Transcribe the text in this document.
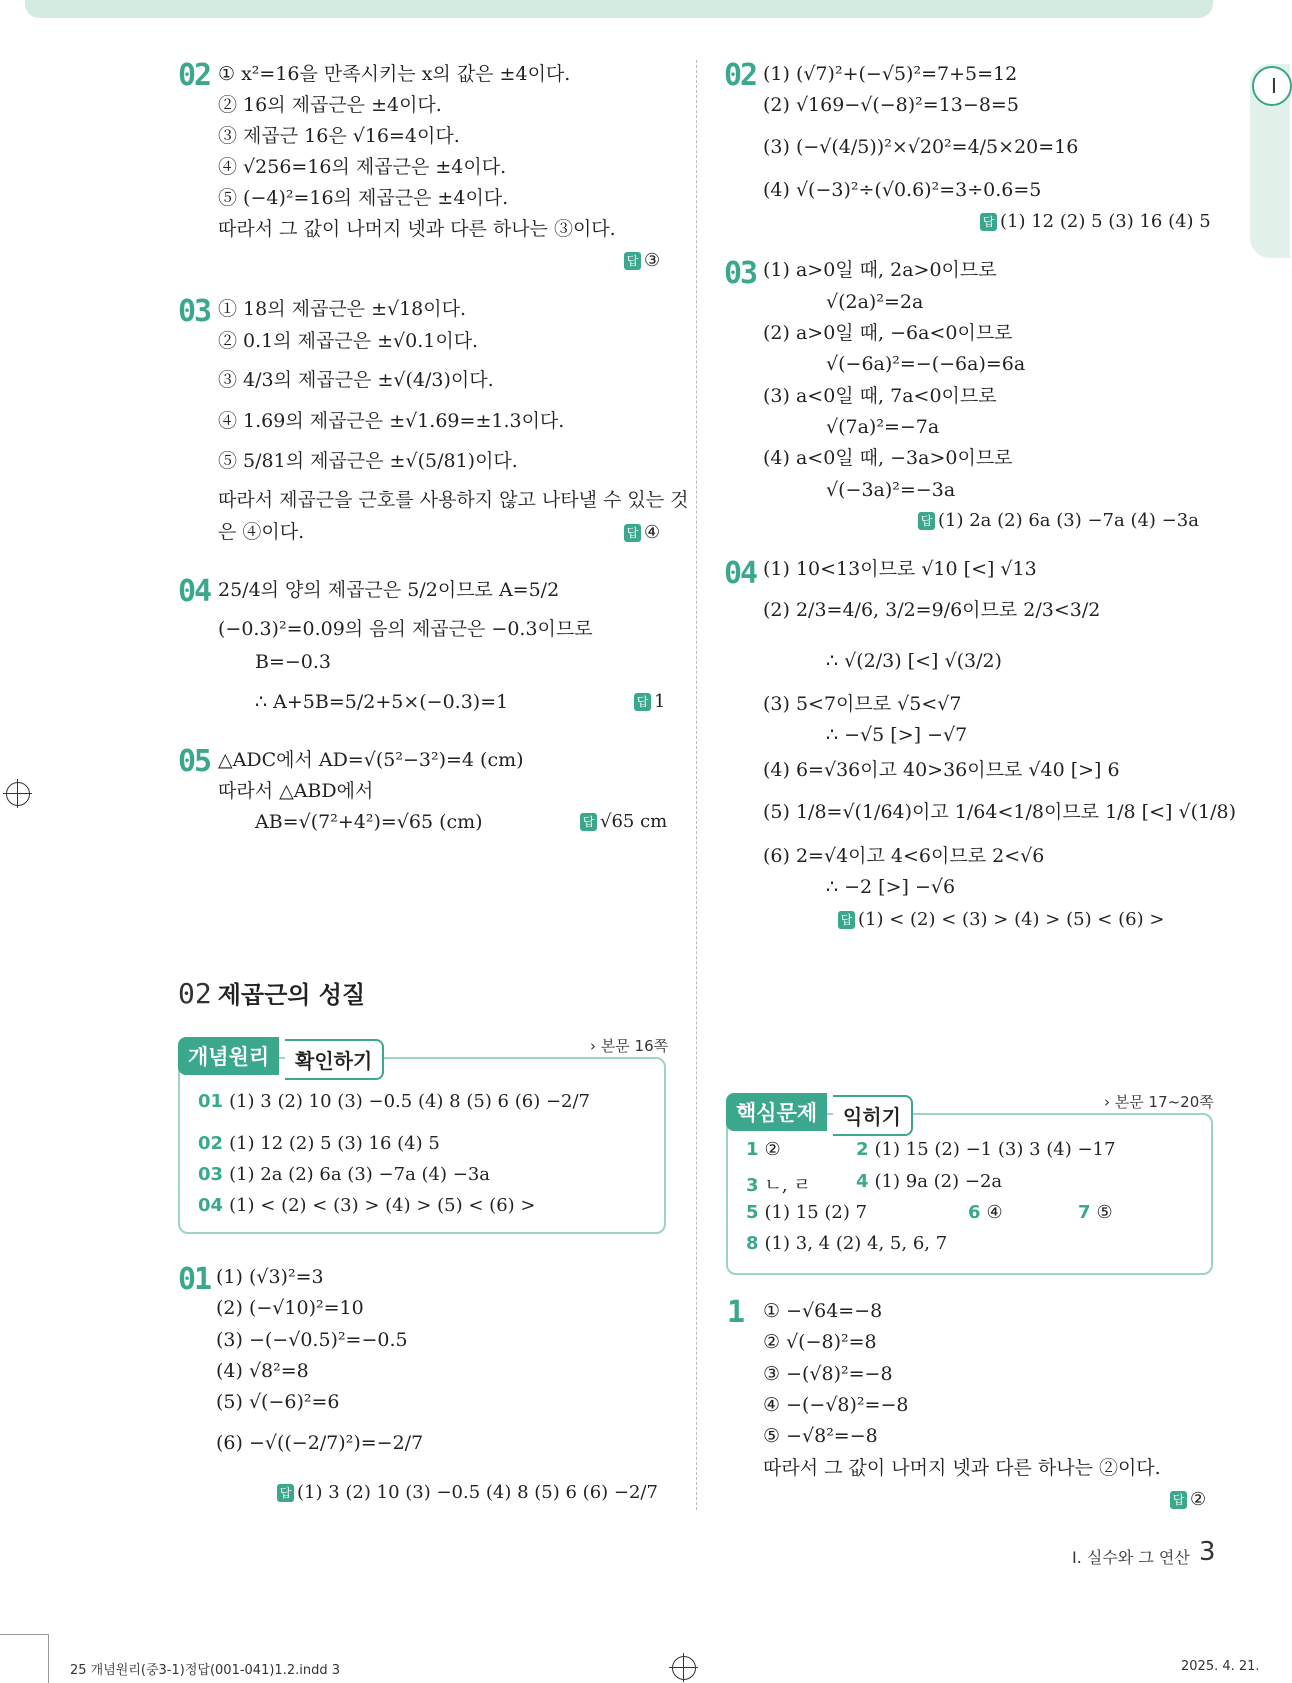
I
02 ① x²=16을 만족시키는 x의 값은 ±4이다.
② 16의 제곱근은 ±4이다.
③ 제곱근 16은 √16=4이다.
④ √256=16의 제곱근은 ±4이다.
⑤ (−4)²=16의 제곱근은 ±4이다.
따라서 그 값이 나머지 넷과 다른 하나는 ③이다.
답 ③
03 ① 18의 제곱근은 ±√18이다.
② 0.1의 제곱근은 ±√0.1이다.
③ 4/3의 제곱근은 ±√(4/3)이다.
④ 1.69의 제곱근은 ±√1.69=±1.3이다.
⑤ 5/81의 제곱근은 ±√(5/81)이다.
따라서 제곱근을 근호를 사용하지 않고 나타낼 수 있는 것
은 ④이다.	답 ④
04 25/4의 양의 제곱근은 5/2이므로 A=5/2
(−0.3)²=0.09의 음의 제곱근은 −0.3이므로
B=−0.3
∴ A+5B=5/2+5×(−0.3)=1	답 1
05 △ADC에서 AD=√(5²−3²)=4 (cm)
따라서 △ABD에서
AB=√(7²+4²)=√65 (cm)	답 √65 cm
02 제곱근의 성질
개념원리	확인하기
› 본문 16쪽
01 (1) 3 (2) 10 (3) −0.5 (4) 8 (5) 6 (6) −2/7
02 (1) 12 (2) 5 (3) 16 (4) 5
03 (1) 2a (2) 6a (3) −7a (4) −3a
04 (1) < (2) < (3) > (4) > (5) < (6) >
01 (1) (√3)²=3
(2) (−√10)²=10
(3) −(−√0.5)²=−0.5
(4) √8²=8
(5) √(−6)²=6
(6) −√((−2/7)²)=−2/7
답 (1) 3 (2) 10 (3) −0.5 (4) 8 (5) 6 (6) −2/7
02 (1) (√7)²+(−√5)²=7+5=12
(2) √169−√(−8)²=13−8=5
(3) (−√(4/5))²×√20²=4/5×20=16
(4) √(−3)²÷(√0.6)²=3÷0.6=5
답 (1) 12 (2) 5 (3) 16 (4) 5
03 (1) a>0일 때, 2a>0이므로
√(2a)²=2a
(2) a>0일 때, −6a<0이므로
√(−6a)²=−(−6a)=6a
(3) a<0일 때, 7a<0이므로
√(7a)²=−7a
(4) a<0일 때, −3a>0이므로
√(−3a)²=−3a
답 (1) 2a (2) 6a (3) −7a (4) −3a
04 (1) 10<13이므로 √10 [<] √13
(2) 2/3=4/6, 3/2=9/6이므로 2/3<3/2
∴ √(2/3) [<] √(3/2)
(3) 5<7이므로 √5<√7
∴ −√5 [>] −√7
(4) 6=√36이고 40>36이므로 √40 [>] 6
(5) 1/8=√(1/64)이고 1/64<1/8이므로 1/8 [<] √(1/8)
(6) 2=√4이고 4<6이므로 2<√6
∴ −2 [>] −√6
답 (1) < (2) < (3) > (4) > (5) < (6) >
핵심문제	익히기
› 본문 17~20쪽
1 ②	2 (1) 15 (2) −1 (3) 3 (4) −17
3 ㄴ, ㄹ	4 (1) 9a (2) −2a
5 (1) 15 (2) 7	6 ④	7 ⑤
8 (1) 3, 4 (2) 4, 5, 6, 7
1 ① −√64=−8
② √(−8)²=8
③ −(√8)²=−8
④ −(−√8)²=−8
⑤ −√8²=−8
따라서 그 값이 나머지 넷과 다른 하나는 ②이다.
답 ②
I. 실수와 그 연산 3
25 개념원리(중3-1)정답(001-041)1.2.indd 3	2025. 4. 21.
